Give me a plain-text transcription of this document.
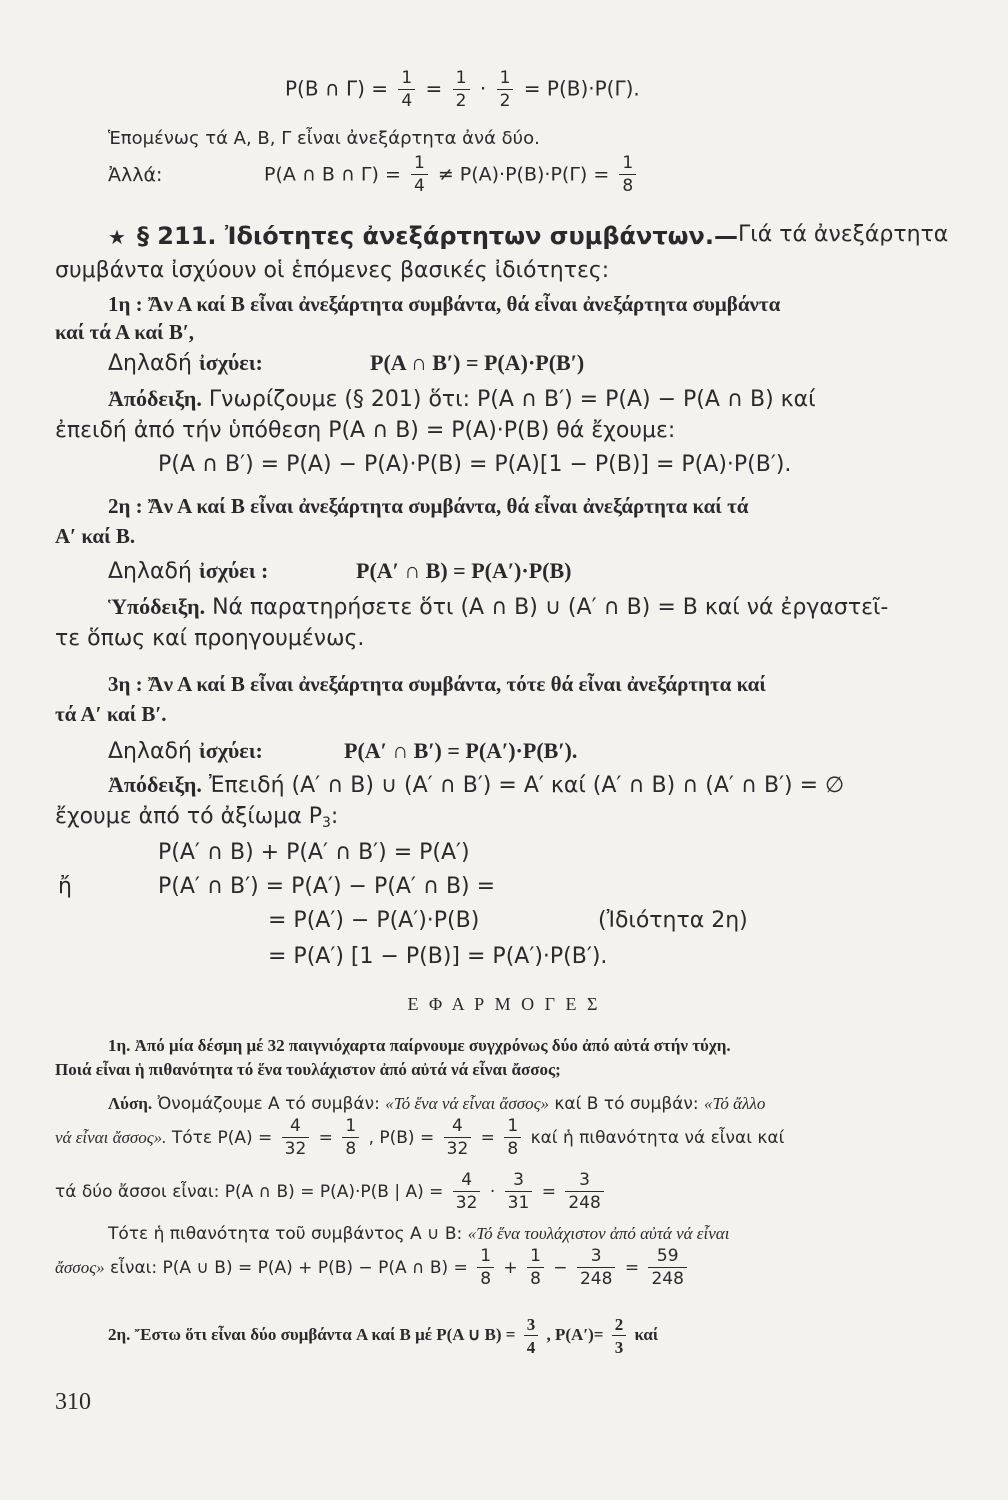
P(B ∩ $\Gamma) = \frac{1}{4} = \frac{1}{2} \cdot \frac{1}{2} = P(B)\cdot P(\Gamma)$.
Ἑπομένως τά A, B, Γ εἶναι ἀνεξάρτητα ἀνά δύο.
Ἀλλά:	P(A ∩ B ∩ $\Gamma) = \frac{1}{4} \ne P(A)\cdot P(B)\cdot P(\Gamma) = \frac{1}{8}$
★ § 211. Ἰδιότητες ἀνεξάρτητων συμβάντων.— Γιά τά ἀνεξάρτητα
συμβάντα ἰσχύουν οἱ ἑπόμενες βασικές ἰδιότητες:
1η : Ἄν Α καί Β εἶναι ἀνεξάρτητα συμβάντα, θά εἶναι ἀνεξάρτητα συμβάντα
καί τά Α καί Β′,
Δηλαδή ἰσχύει:	P(A ∩ B′) = P(A)·P(B′)
Ἀπόδειξη. Γνωρίζουμε (§ 201) ὅτι: P(A ∩ B′) = P(A) − P(A ∩ B) καί
ἐπειδή ἀπό τήν ὑπόθεση P(A ∩ B) = P(A)·P(B) θά ἔχουμε:
P(A ∩ B′) = P(A) − P(A)·P(B) = P(A)[1 − P(B)] = P(A)·P(B′).
2η : Ἄν Α καί Β εἶναι ἀνεξάρτητα συμβάντα, θά εἶναι ἀνεξάρτητα καί τά
Α′ καί Β.
Δηλαδή ἰσχύει :	P(A′ ∩ B) = P(A′)·P(B)
Ὑπόδειξη. Νά παρατηρήσετε ὅτι (A ∩ B) ∪ (A′ ∩ B) = B καί νά ἐργαστεῖ-
τε ὅπως καί προηγουμένως.
3η : Ἄν Α καί Β εἶναι ἀνεξάρτητα συμβάντα, τότε θά εἶναι ἀνεξάρτητα καί
τά Α′ καί Β′.
Δηλαδή ἰσχύει:	P(A′ ∩ B′) = P(A′)·P(B′).
Ἀπόδειξη. Ἐπειδή (A′ ∩ B) ∪ (A′ ∩ B′) = A′ καί (A′ ∩ B) ∩ (A′ ∩ B′) = ∅
ἔχουμε ἀπό τό ἀξίωμα $P_3$:
P(A′ ∩ B) + P(A′ ∩ B′) = P(A′)
ἤ	P(A′ ∩ B′) = P(A′) − P(A′ ∩ B) =
= P(A′) − P(A′)·P(B)	(Ἰδιότητα 2η)
= P(A′) [1 − P(B)] = P(A′)·P(B′).
Ε Φ Α Ρ Μ Ο Γ Ε Σ
1η. Ἀπό μία δέσμη μέ 32 παιγνιόχαρτα παίρνουμε συγχρόνως δύο ἀπό αὐτά στήν τύχη.
Ποιά εἶναι ἡ πιθανότητα τό ἕνα τουλάχιστον ἀπό αὐτά νά εἶναι ἄσσος;
Λύση. Ὀνομάζουμε A τό συμβάν: «Τό ἕνα νά εἶναι ἄσσος» καί B τό συμβάν: «Τό ἄλλο
νά εἶναι ἄσσος». Τότε $P(A) = \frac{4}{32} = \frac{1}{8}$ , $P(B) = \frac{4}{32} = \frac{1}{8}$ καί ἡ πιθανότητα νά εἶναι καί
τά δύο ἄσσοι εἶναι: P(A ∩ B) = P(A)·P(B | $A) = \frac{4}{32} \cdot \frac{3}{31} = \frac{3}{248}$
Τότε ἡ πιθανότητα τοῦ συμβάντος A ∪ B: «Τό ἕνα τουλάχιστον ἀπό αὐτά νά εἶναι
ἄσσος» εἶναι: P(A ∪ B) = P(A) + P(B) − P(A ∩ $B) = \frac{1}{8} + \frac{1}{8} - \frac{3}{248} = \frac{59}{248}$
2η. Ἔστω ὅτι εἶναι δύο συμβάντα A καί B μέ P(A ∪ $B) = \frac{3}{4}$ , $P(A')= \frac{2}{3}$ καί
310
